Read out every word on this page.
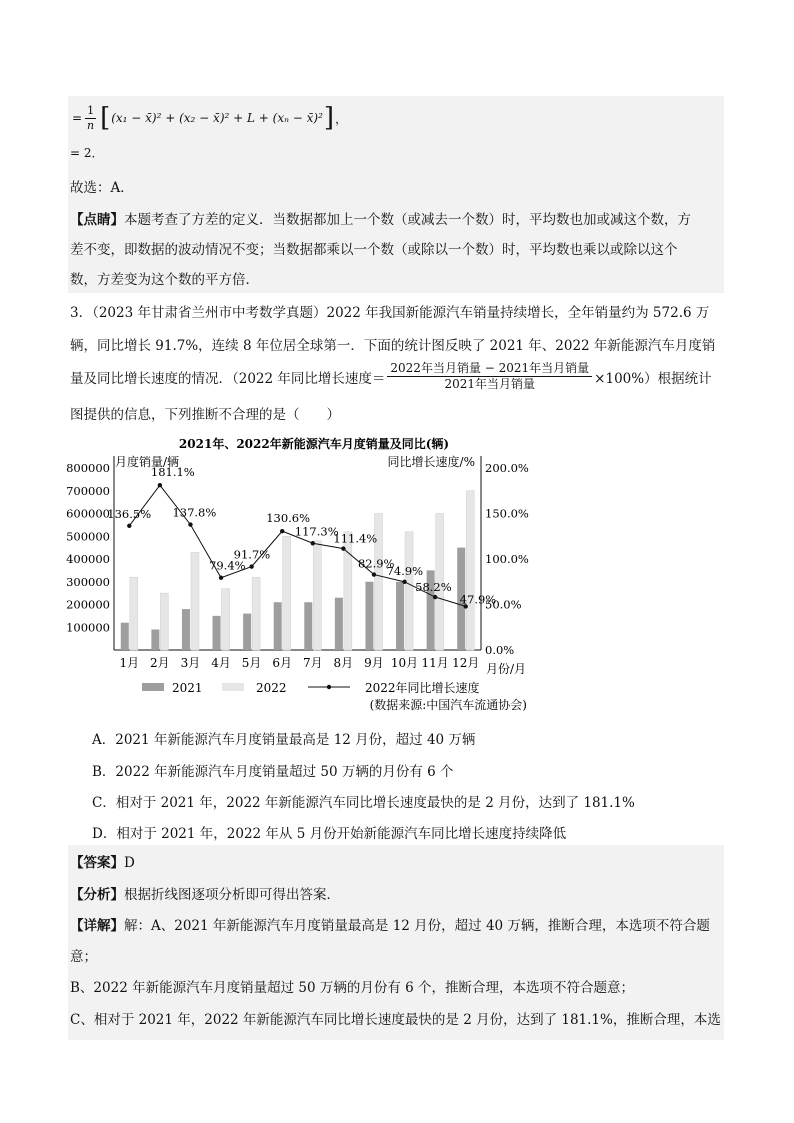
= $\frac{1}{n}$ [ (x₁ − x̄)² + (x₂ − x̄)² + L + (xₙ − x̄)² ] ，
= 2．
故选：A．
【点睛】本题考查了方差的定义．当数据都加上一个数（或减去一个数）时，平均数也加或减这个数，方
差不变，即数据的波动情况不变；当数据都乘以一个数（或除以一个数）时，平均数也乘以或除以这个
数，方差变为这个数的平方倍．
3．（2023 年甘肃省兰州市中考数学真题）2022 年我国新能源汽车销量持续增长，全年销量约为 572.6 万
辆，同比增长 91.7%，连续 8 年位居全球第一．下面的统计图反映了 2021 年、2022 年新能源汽车月度销
量及同比增长速度的情况．（2022 年同比增长速度＝ $\frac{\text{2022年当月销量 − 2021年当月销量}}{\text{2021年当月销量}} \times 100\%$）根据统计
图提供的信息，下列推断不合理的是（　　）
2021年、2022年新能源汽车月度销量及同比(辆)
月度销量/辆	同比增长速度/%
月份/月
100000
200000
300000
400000
500000
600000
700000
800000
0.0%
50.0%
100.0%
150.0%
200.0%
1月 2月 3月 4月 5月 6月 7月 8月 9月 10月 11月 12月
136.5%
181.1%
137.8%
79.4%
91.7%
130.6%
117.3%
111.4%
82.9%
74.9%
58.2%
47.9%
2021	2022	2022年同比增长速度
(数据来源:中国汽车流通协会)
A．2021 年新能源汽车月度销量最高是 12 月份，超过 40 万辆
B．2022 年新能源汽车月度销量超过 50 万辆的月份有 6 个
C．相对于 2021 年，2022 年新能源汽车同比增长速度最快的是 2 月份，达到了 181.1%
D．相对于 2021 年，2022 年从 5 月份开始新能源汽车同比增长速度持续降低
【答案】D
【分析】根据折线图逐项分析即可得出答案．
【详解】解：A、2021 年新能源汽车月度销量最高是 12 月份，超过 40 万辆，推断合理，本选项不符合题
意；
B、2022 年新能源汽车月度销量超过 50 万辆的月份有 6 个，推断合理，本选项不符合题意；
C、相对于 2021 年，2022 年新能源汽车同比增长速度最快的是 2 月份，达到了 181.1%，推断合理，本选
